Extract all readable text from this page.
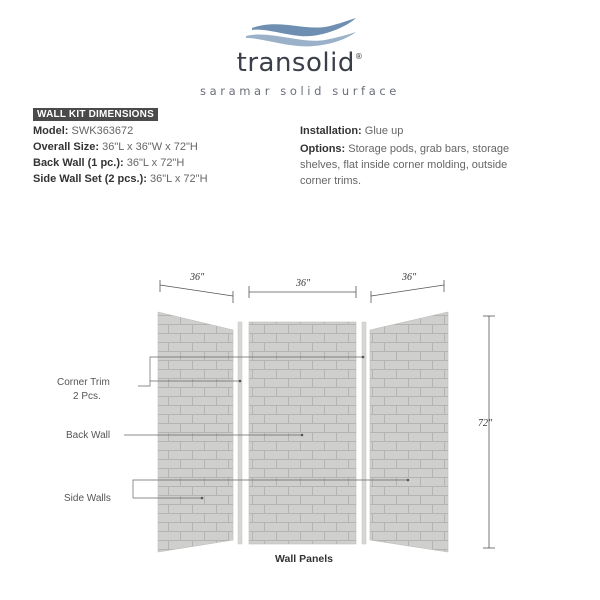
transolid®
saramar solid surface
WALL KIT DIMENSIONS
Model: SWK363672
Overall Size: 36"L x 36"W x 72"H
Back Wall (1 pc.): 36"L x 72"H
Side Wall Set (2 pcs.): 36"L x 72"H
Installation: Glue up
Options: Storage pods, grab bars, storage shelves, flat inside corner molding, outside corner trims.
36"
36"
36"
72"
Corner Trim
2 Pcs.
Back Wall
Side Walls
Wall Panels
